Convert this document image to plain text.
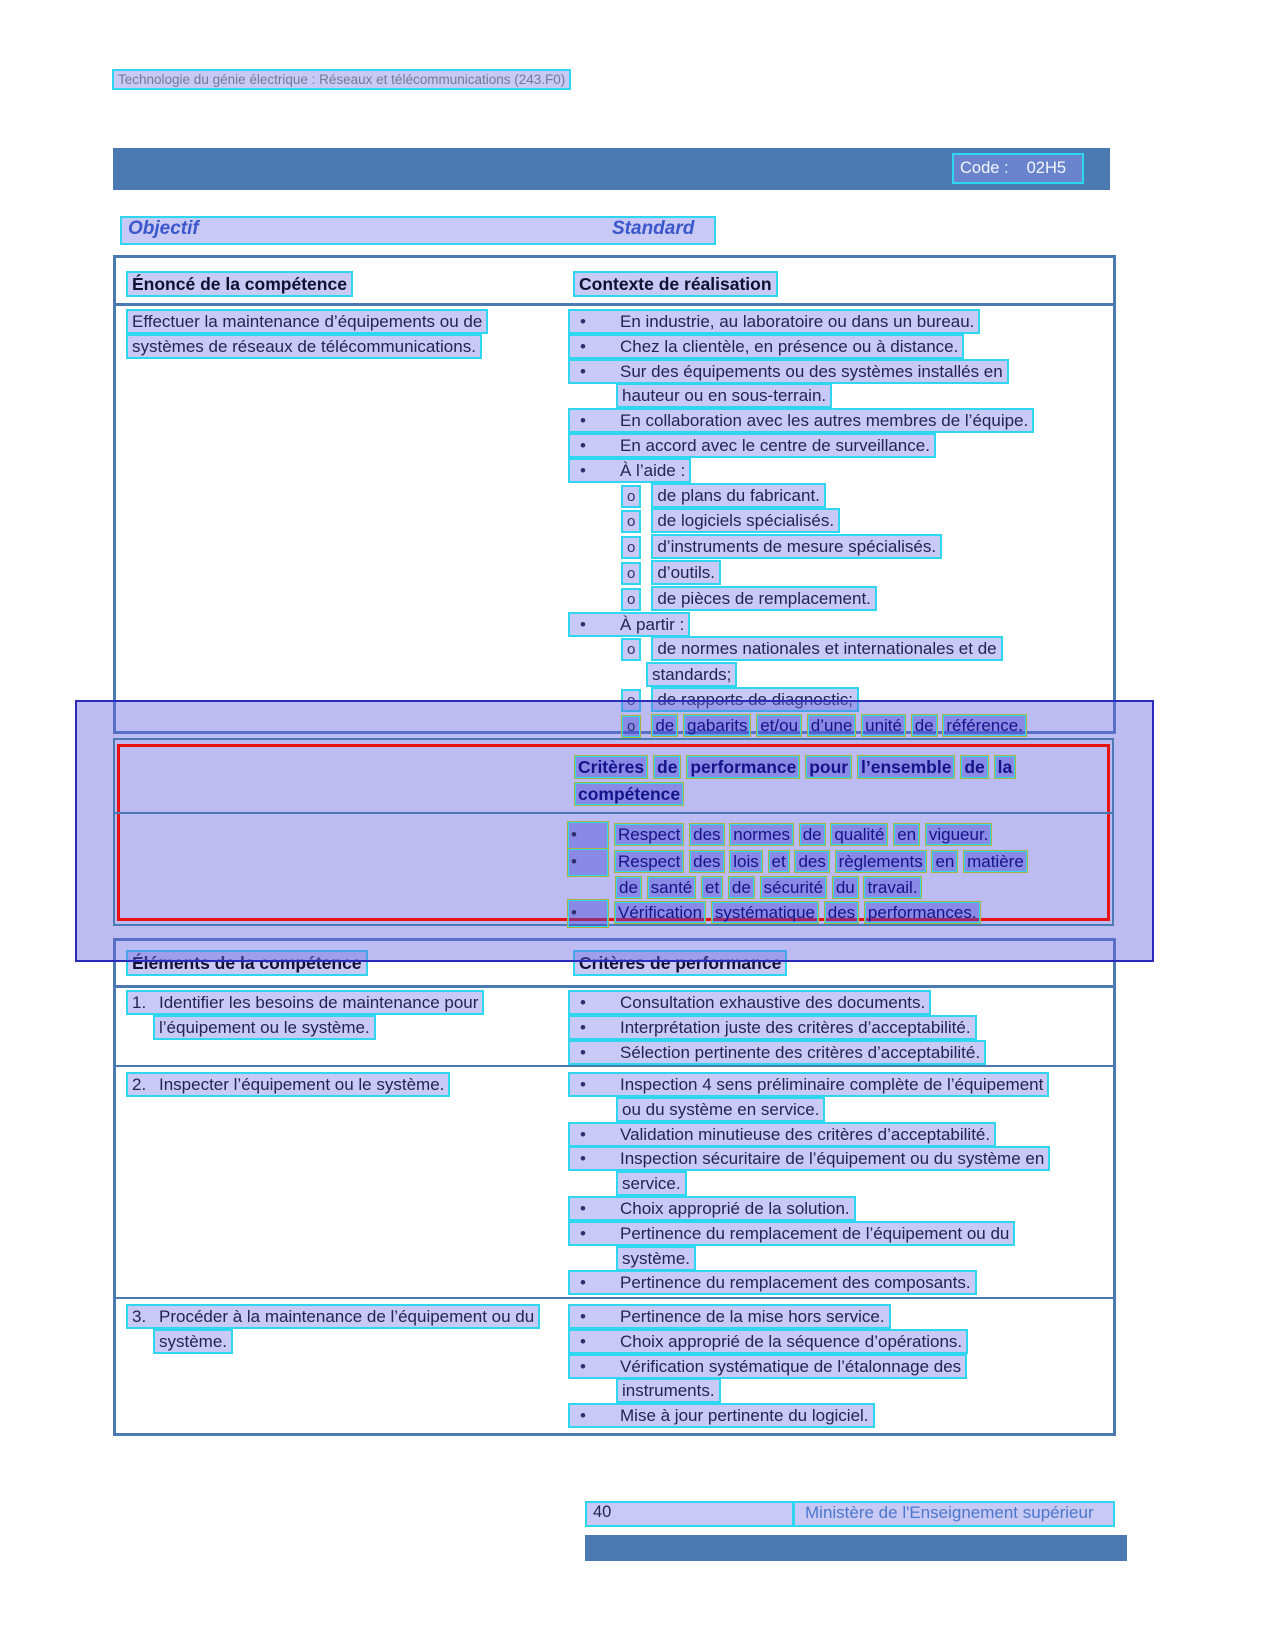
Technologie du génie électrique : Réseaux et télécommunications (243.F0)
Code : 02H5
Objectif	Standard
Énoncé de la compétence	Contexte de réalisation
Effectuer la maintenance d’équipements ou de systèmes de réseaux de télécommunications.
• En industrie, au laboratoire ou dans un bureau.
• Chez la clientèle, en présence ou à distance.
• Sur des équipements ou des systèmes installés en hauteur ou en sous-terrain.
• En collaboration avec les autres membres de l’équipe.
• En accord avec le centre de surveillance.
• À l’aide :
o de plans du fabricant.
o de logiciels spécialisés.
o d’instruments de mesure spécialisés.
o d’outils.
o de pièces de remplacement.
• À partir :
o de normes nationales et internationales et de standards;
o de rapports de diagnostic;
o de gabarits et/ou d’une unité de référence.
Critères de performance pour l’ensemble de la compétence
• Respect des normes de qualité en vigueur.
• Respect des lois et des règlements en matière de santé et de sécurité du travail.
• Vérification systématique des performances.
Éléments de la compétence	Critères de performance
1. Identifier les besoins de maintenance pour l’équipement ou le système.
• Consultation exhaustive des documents.
• Interprétation juste des critères d’acceptabilité.
• Sélection pertinente des critères d’acceptabilité.
2. Inspecter l’équipement ou le système.	• Inspection 4 sens préliminaire complète de l’équipement ou du système en service.
• Validation minutieuse des critères d’acceptabilité.
• Inspection sécuritaire de l’équipement ou du système en service.
• Choix approprié de la solution.
• Pertinence du remplacement de l’équipement ou du système.
• Pertinence du remplacement des composants.
3. Procéder à la maintenance de l’équipement ou du système.
• Pertinence de la mise hors service.
• Choix approprié de la séquence d’opérations.
• Vérification systématique de l’étalonnage des instruments.
• Mise à jour pertinente du logiciel.
40	Ministère de l'Enseignement supérieur
